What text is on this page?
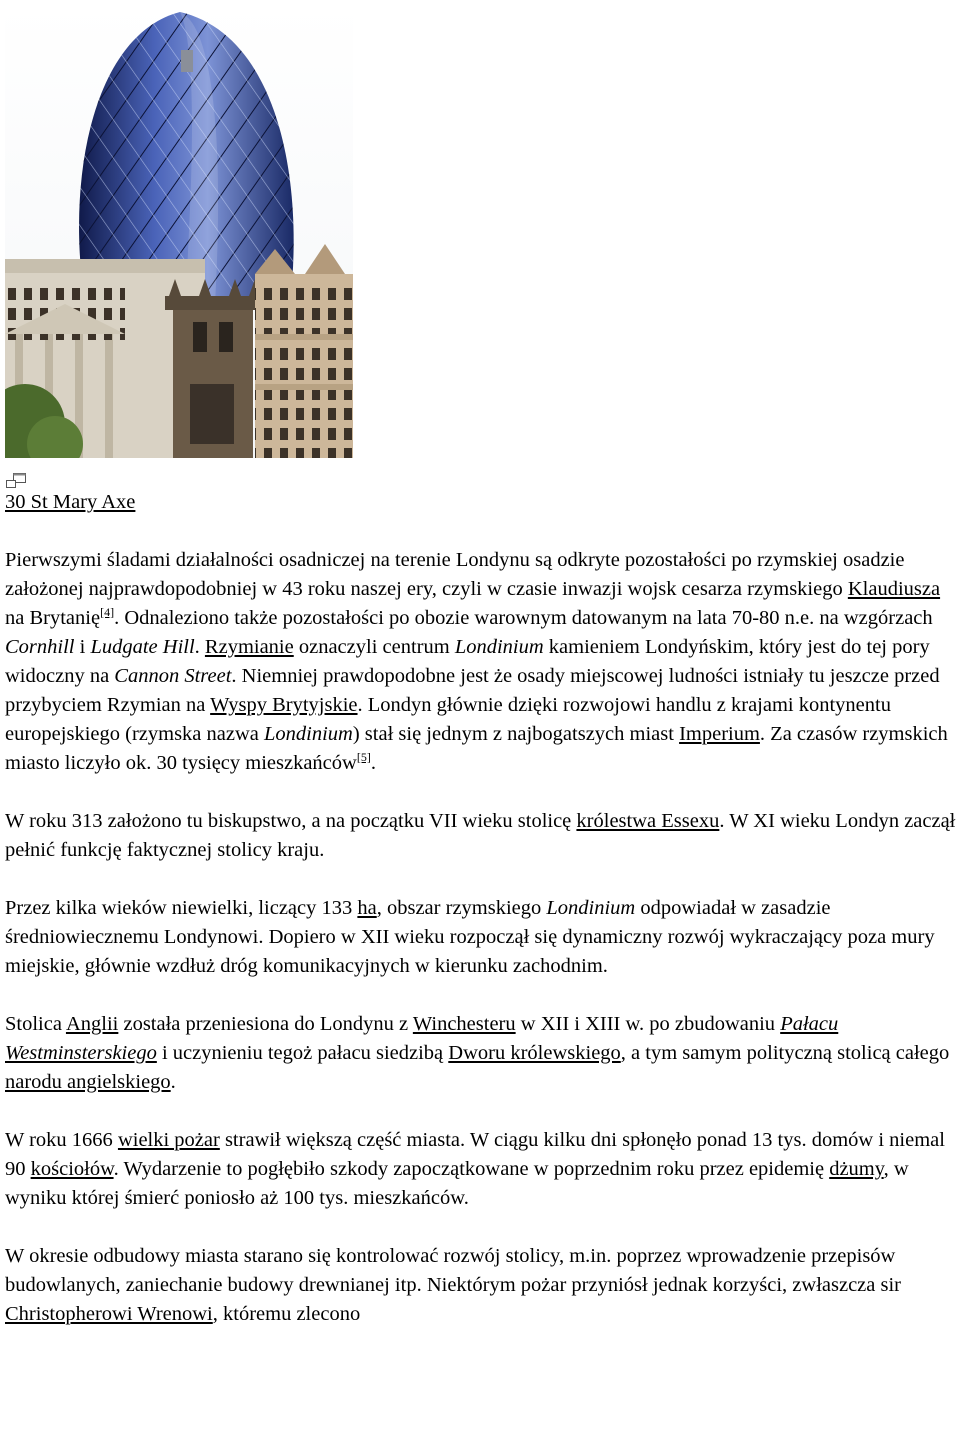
30 St Mary Axe

Pierwszymi śladami działalności osadniczej na terenie Londynu są odkryte pozostałości po rzymskiej osadzie założonej najprawdopodobniej w 43 roku naszej ery, czyli w czasie inwazji wojsk cesarza rzymskiego Klaudiusza na Brytanię[4]. Odnaleziono także pozostałości po obozie warownym datowanym na lata 70-80 n.e. na wzgórzach Cornhill i Ludgate Hill. Rzymianie oznaczyli centrum Londinium kamieniem Londyńskim, który jest do tej pory widoczny na Cannon Street. Niemniej prawdopodobne jest że osady miejscowej ludności istniały tu jeszcze przed przybyciem Rzymian na Wyspy Brytyjskie. Londyn głównie dzięki rozwojowi handlu z krajami kontynentu europejskiego (rzymska nazwa Londinium) stał się jednym z najbogatszych miast Imperium. Za czasów rzymskich miasto liczyło ok. 30 tysięcy mieszkańców[5].

W roku 313 założono tu biskupstwo, a na początku VII wieku stolicę królestwa Essexu. W XI wieku Londyn zaczął pełnić funkcję faktycznej stolicy kraju.

Przez kilka wieków niewielki, liczący 133 ha, obszar rzymskiego Londinium odpowiadał w zasadzie średniowiecznemu Londynowi. Dopiero w XII wieku rozpoczął się dynamiczny rozwój wykraczający poza mury miejskie, głównie wzdłuż dróg komunikacyjnych w kierunku zachodnim.

Stolica Anglii została przeniesiona do Londynu z Winchesteru w XII i XIII w. po zbudowaniu Pałacu Westminsterskiego i uczynieniu tegoż pałacu siedzibą Dworu królewskiego, a tym samym polityczną stolicą całego narodu angielskiego.

W roku 1666 wielki pożar strawił większą część miasta. W ciągu kilku dni spłonęło ponad 13 tys. domów i niemal 90 kościołów. Wydarzenie to pogłębiło szkody zapoczątkowane w poprzednim roku przez epidemię dżumy, w wyniku której śmierć poniosło aż 100 tys. mieszkańców.

W okresie odbudowy miasta starano się kontrolować rozwój stolicy, m.in. poprzez wprowadzenie przepisów budowlanych, zaniechanie budowy drewnianej itp. Niektórym pożar przyniósł jednak korzyści, zwłaszcza sir Christopherowi Wrenowi, któremu zlecono
